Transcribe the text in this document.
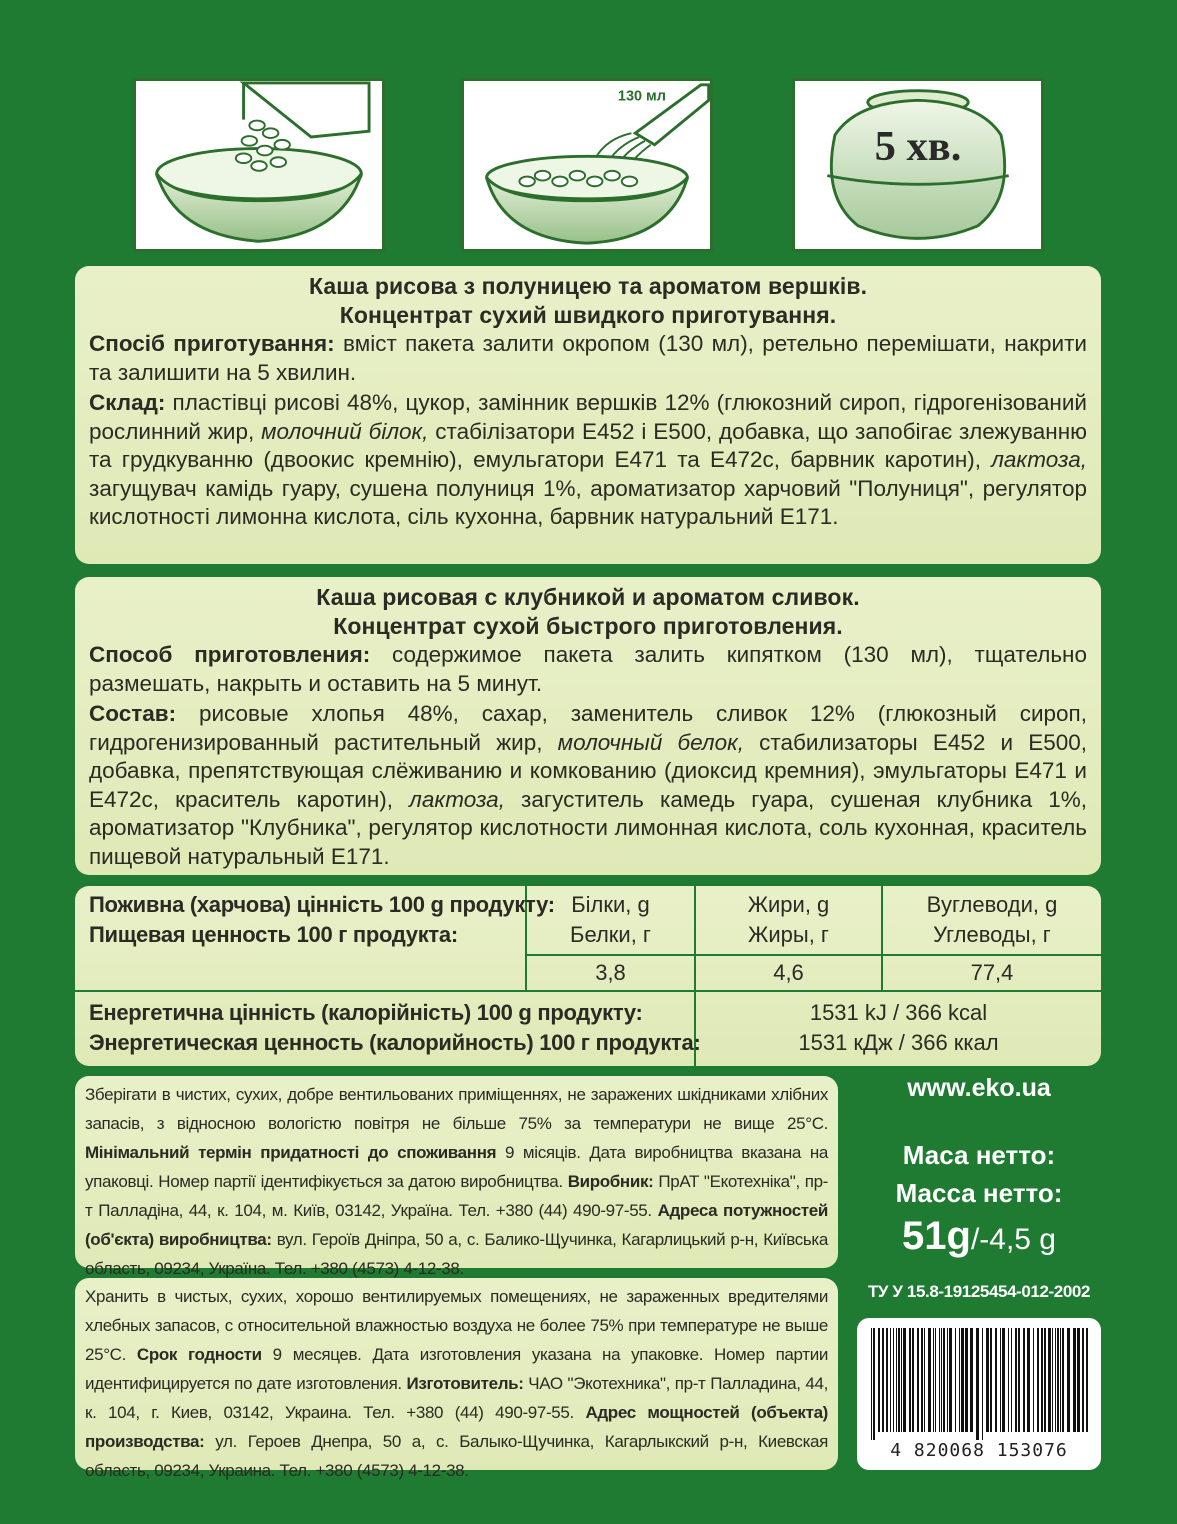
130 мл
5 хв.
Каша рисова з полуницею та ароматом вершків.
Концентрат сухий швидкого приготування.

Спосіб приготування: вміст пакета залити окропом (130 мл), ретельно перемішати, накрити та залишити на 5 хвилин.

Склад: пластівці рисові 48%, цукор, замінник вершків 12% (глюкозний сироп, гідрогенізований рослинний жир, молочний білок, стабілізатори Е452 і Е500, добавка, що запобігає злежуванню та грудкуванню (двоокис кремнію), емульгатори Е471 та Е472с, барвник каротин), лактоза, загущувач камідь гуару, сушена полуниця 1%, ароматизатор харчовий "Полуниця", регулятор кислотності лимонна кислота, сіль кухонна, барвник натуральний Е171.

Каша рисовая с клубникой и ароматом сливок.
Концентрат сухой быстрого приготовления.

Способ приготовления: содержимое пакета залить кипятком (130 мл), тщательно размешать, накрыть и оставить на 5 минут.

Состав: рисовые хлопья 48%, сахар, заменитель сливок 12% (глюкозный сироп, гидрогенизированный растительный жир, молочный белок, стабилизаторы Е452 и Е500, добавка, препятствующая слёживанию и комкованию (диоксид кремния), эмульгаторы Е471 и Е472с, краситель каротин), лактоза, загуститель камедь гуара, сушеная клубника 1%, ароматизатор "Клубника", регулятор кислотности лимонная кислота, соль кухонная, краситель пищевой натуральный Е171.

Поживна (харчова) цінність 100 g продукту:
Пищевая ценность 100 г продукта:
Білки, g
Белки, г
Жири, g
Жиры, г
Вуглеводи, g
Углеводы, г
3,8	4,6	77,4
Енергетична цінність (калорійність) 100 g продукту:
Энергетическая ценность (калорийность) 100 г продукта:
1531 kJ / 366 kcal
1531 кДж / 366 ккал
Зберігати в чистих, сухих, добре вентильованих приміщеннях, не заражених шкідниками хлібних запасів, з відносною вологістю повітря не більше 75% за температури не вище 25°С. Мінімальний термін придатності до споживання 9 місяців. Дата виробництва вказана на упаковці. Номер партії ідентифікується за датою виробництва. Виробник: ПрАТ "Екотехніка", пр-т Палладіна, 44, к. 104, м. Київ, 03142, Україна. Тел. +380 (44) 490-97-55. Адреса потужностей (об'єкта) виробництва: вул. Героїв Дніпра, 50 а, с. Балико-Щучинка, Кагарлицький р-н, Київська область, 09234, Україна. Тел. +380 (4573) 4-12-38.
Хранить в чистых, сухих, хорошо вентилируемых помещениях, не зараженных вредителями хлебных запасов, с относительной влажностью воздуха не более 75% при температуре не выше 25°С. Срок годности 9 месяцев. Дата изготовления указана на упаковке. Номер партии идентифицируется по дате изготовления. Изготовитель: ЧАО "Экотехника", пр-т Палладина, 44, к. 104, г. Киев, 03142, Украина. Тел. +380 (44) 490-97-55. Адрес мощностей (объекта) производства: ул. Героев Днепра, 50 а, с. Балыко-Щучинка, Кагарлыкский р-н, Киевская область, 09234, Украина. Тел. +380 (4573) 4-12-38.
www.eko.ua
Маса нетто:
Масса нетто:
51g/-4,5 g
ТУ У 15.8-19125454-012-2002
4 820068 153076
